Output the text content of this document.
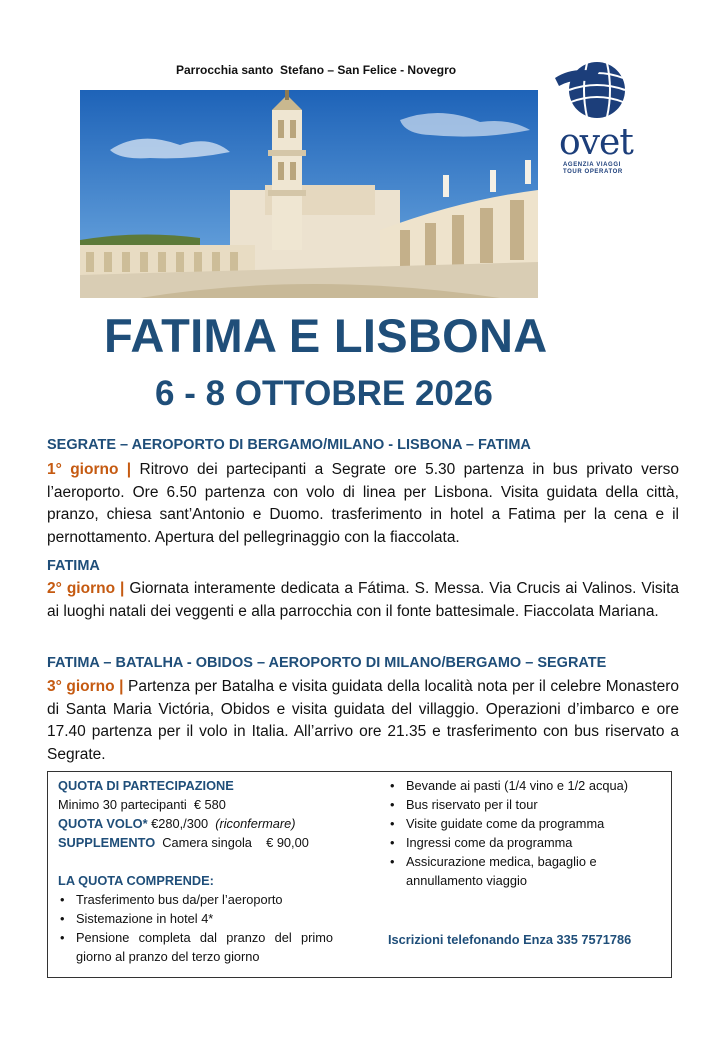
Parrocchia santo  Stefano – San Felice - Novegro
ovet
AGENZIA VIAGGI
TOUR OPERATOR
FATIMA E LISBONA
6 - 8 OTTOBRE 2026
SEGRATE – AEROPORTO DI BERGAMO/MILANO - LISBONA – FATIMA
1° giorno | Ritrovo dei partecipanti a Segrate ore 5.30 partenza in bus privato verso l’aeroporto. Ore 6.50 partenza con volo di linea per Lisbona. Visita guidata della città, pranzo, chiesa sant’Antonio e Duomo. trasferimento in hotel a Fatima per la cena e il pernottamento. Apertura del pellegrinaggio con la fiaccolata.
FATIMA
2° giorno | Giornata interamente dedicata a Fátima. S. Messa. Via Crucis ai Valinos. Visita ai luoghi natali dei veggenti e alla parrocchia con il fonte battesimale. Fiaccolata Mariana.
FATIMA – BATALHA - OBIDOS – AEROPORTO DI MILANO/BERGAMO – SEGRATE
3° giorno | Partenza per Batalha e visita guidata della località nota per il celebre Monastero di Santa Maria Victória, Obidos e visita guidata del villaggio. Operazioni d’imbarco e ore 17.40 partenza per il volo in Italia. All’arrivo ore 21.35 e trasferimento con bus riservato a Segrate.
QUOTA DI PARTECIPAZIONE
Minimo 30 partecipanti  € 580
QUOTA VOLO* €280,/300  (riconfermare)
SUPPLEMENTO  Camera singola    € 90,00
LA QUOTA COMPRENDE:
• Trasferimento bus da/per l’aeroporto
• Sistemazione in hotel 4*
• Pensione completa dal pranzo del primo giorno al pranzo del terzo giorno
• Bevande ai pasti (1/4 vino e 1/2 acqua)
• Bus riservato per il tour
• Visite guidate come da programma
• Ingressi come da programma
• Assicurazione medica, bagaglio e annullamento viaggio
Iscrizioni telefonando Enza 335 7571786
